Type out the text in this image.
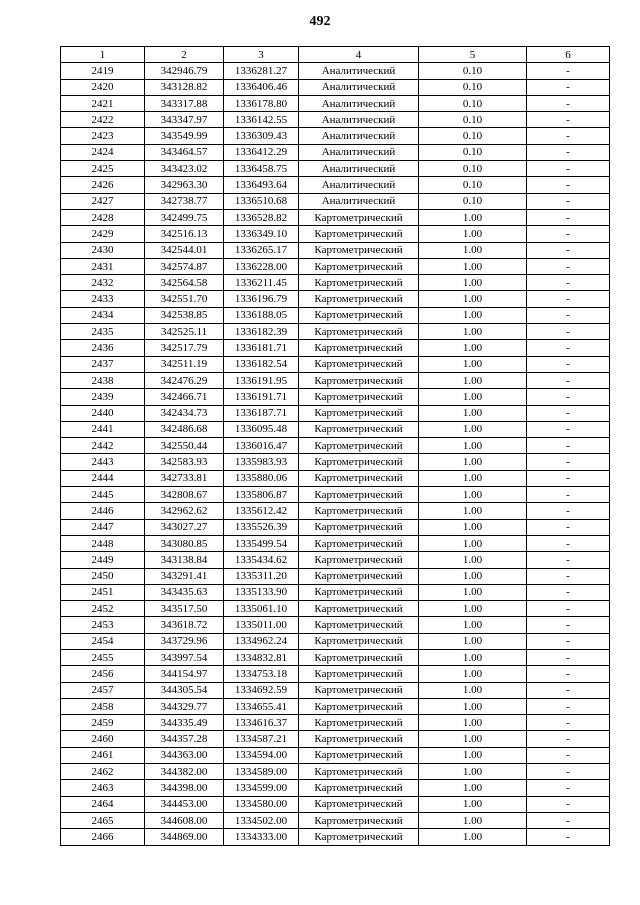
492
1	2	3	4	5	6
2419	342946.79	1336281.27	Аналитический	0.10	-
2420	343128.82	1336406.46	Аналитический	0.10	-
2421	343317.88	1336178.80	Аналитический	0.10	-
2422	343347.97	1336142.55	Аналитический	0.10	-
2423	343549.99	1336309.43	Аналитический	0.10	-
2424	343464.57	1336412.29	Аналитический	0.10	-
2425	343423.02	1336458.75	Аналитический	0.10	-
2426	342963.30	1336493.64	Аналитический	0.10	-
2427	342738.77	1336510.68	Аналитический	0.10	-
2428	342499.75	1336528.82	Картометрический	1.00	-
2429	342516.13	1336349.10	Картометрический	1.00	-
2430	342544.01	1336265.17	Картометрический	1.00	-
2431	342574.87	1336228.00	Картометрический	1.00	-
2432	342564.58	1336211.45	Картометрический	1.00	-
2433	342551.70	1336196.79	Картометрический	1.00	-
2434	342538.85	1336188.05	Картометрический	1.00	-
2435	342525.11	1336182.39	Картометрический	1.00	-
2436	342517.79	1336181.71	Картометрический	1.00	-
2437	342511.19	1336182.54	Картометрический	1.00	-
2438	342476.29	1336191.95	Картометрический	1.00	-
2439	342466.71	1336191.71	Картометрический	1.00	-
2440	342434.73	1336187.71	Картометрический	1.00	-
2441	342486.68	1336095.48	Картометрический	1.00	-
2442	342550.44	1336016.47	Картометрический	1.00	-
2443	342583.93	1335983.93	Картометрический	1.00	-
2444	342733.81	1335880.06	Картометрический	1.00	-
2445	342808.67	1335806.87	Картометрический	1.00	-
2446	342962.62	1335612.42	Картометрический	1.00	-
2447	343027.27	1335526.39	Картометрический	1.00	-
2448	343080.85	1335499.54	Картометрический	1.00	-
2449	343138.84	1335434.62	Картометрический	1.00	-
2450	343291.41	1335311.20	Картометрический	1.00	-
2451	343435.63	1335133.90	Картометрический	1.00	-
2452	343517.50	1335061.10	Картометрический	1.00	-
2453	343618.72	1335011.00	Картометрический	1.00	-
2454	343729.96	1334962.24	Картометрический	1.00	-
2455	343997.54	1334832.81	Картометрический	1.00	-
2456	344154.97	1334753.18	Картометрический	1.00	-
2457	344305.54	1334692.59	Картометрический	1.00	-
2458	344329.77	1334655.41	Картометрический	1.00	-
2459	344335.49	1334616.37	Картометрический	1.00	-
2460	344357.28	1334587.21	Картометрический	1.00	-
2461	344363.00	1334594.00	Картометрический	1.00	-
2462	344382.00	1334589.00	Картометрический	1.00	-
2463	344398.00	1334599.00	Картометрический	1.00	-
2464	344453.00	1334580.00	Картометрический	1.00	-
2465	344608.00	1334502.00	Картометрический	1.00	-
2466	344869.00	1334333.00	Картометрический	1.00	-
